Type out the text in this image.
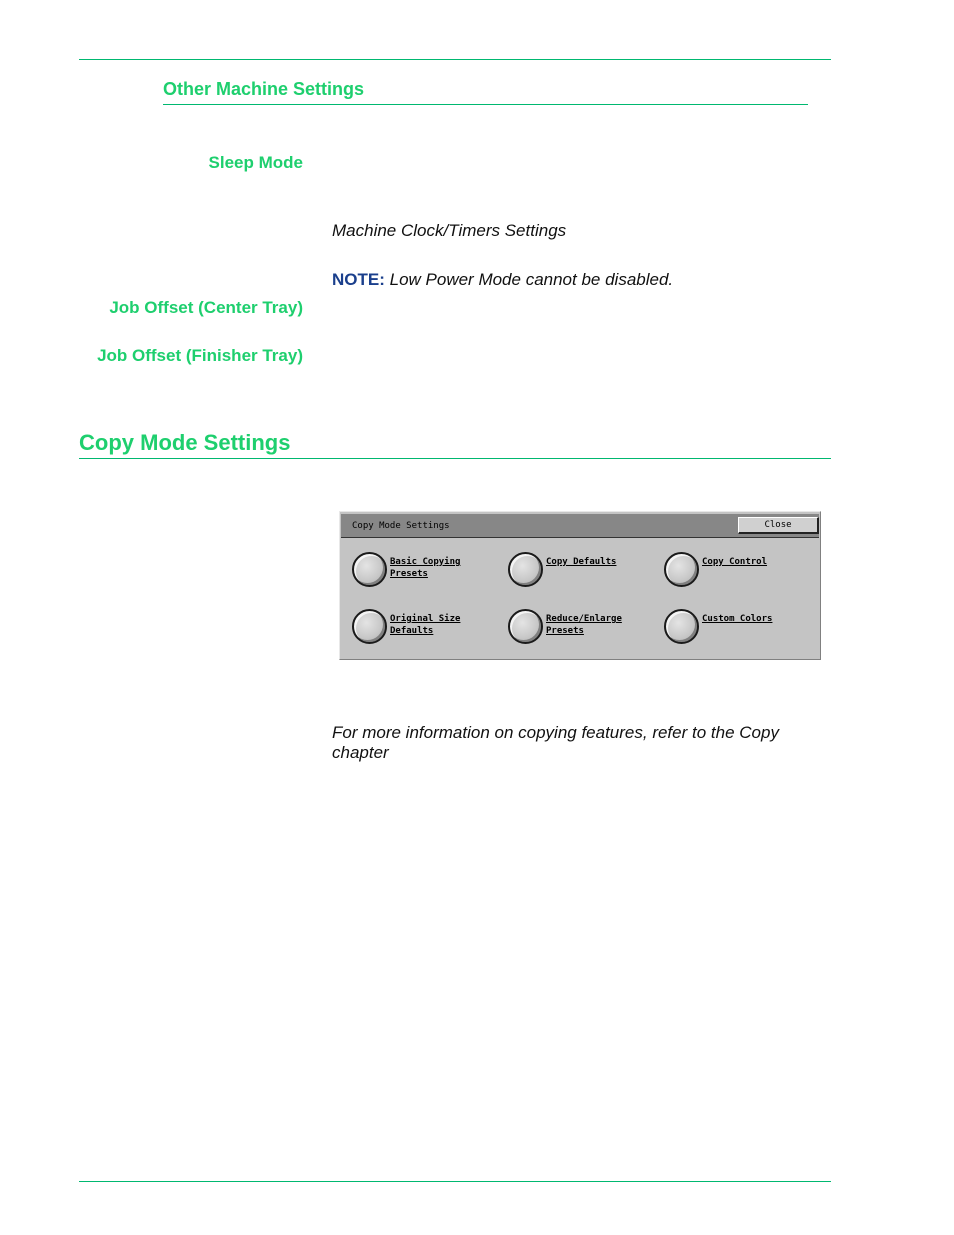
Other Machine Settings
Sleep Mode
Machine Clock/Timers Settings
NOTE: Low Power Mode cannot be disabled.
Job Offset (Center Tray)
Job Offset (Finisher Tray)
Copy Mode Settings
Copy Mode Settings	Close
Basic Copying
Presets
Copy Defaults	Copy Control
Original Size
Defaults
Reduce/Enlarge
Presets
Custom Colors
For more information on copying features, refer to the Copy
chapter
